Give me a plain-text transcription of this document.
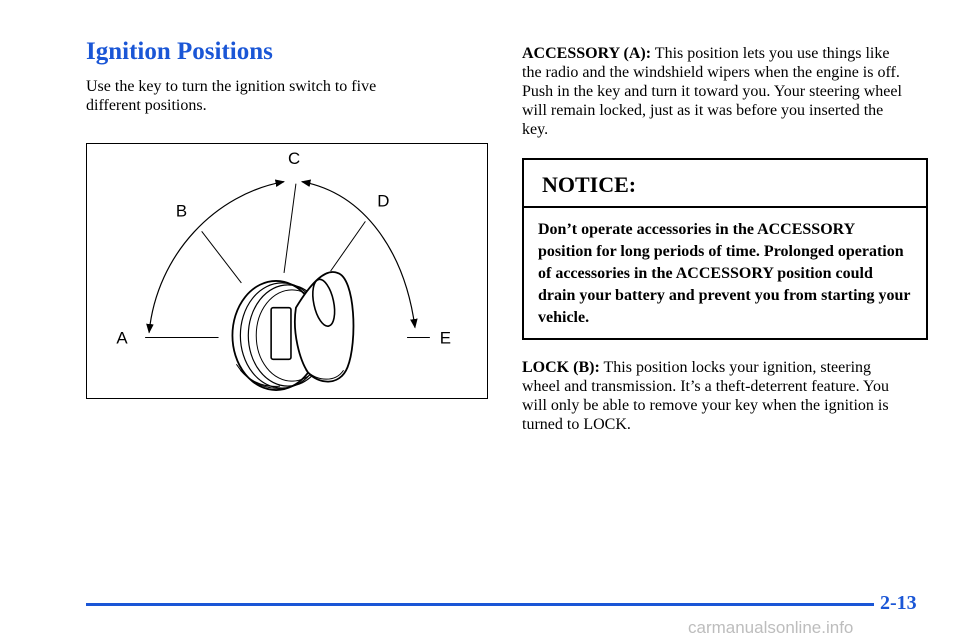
Ignition Positions

Use the key to turn the ignition switch to five different positions.

C
B
D
A	E

ACCESSORY (A): This position lets you use things like the radio and the windshield wipers when the engine is off. Push in the key and turn it toward you. Your steering wheel will remain locked, just as it was before you inserted the key.

NOTICE:
Don’t operate accessories in the ACCESSORY position for long periods of time. Prolonged operation of accessories in the ACCESSORY position could drain your battery and prevent you from starting your vehicle.

LOCK (B): This position locks your ignition, steering wheel and transmission. It’s a theft-deterrent feature. You will only be able to remove your key when the ignition is turned to LOCK.

2-13
carmanualsonline.info
